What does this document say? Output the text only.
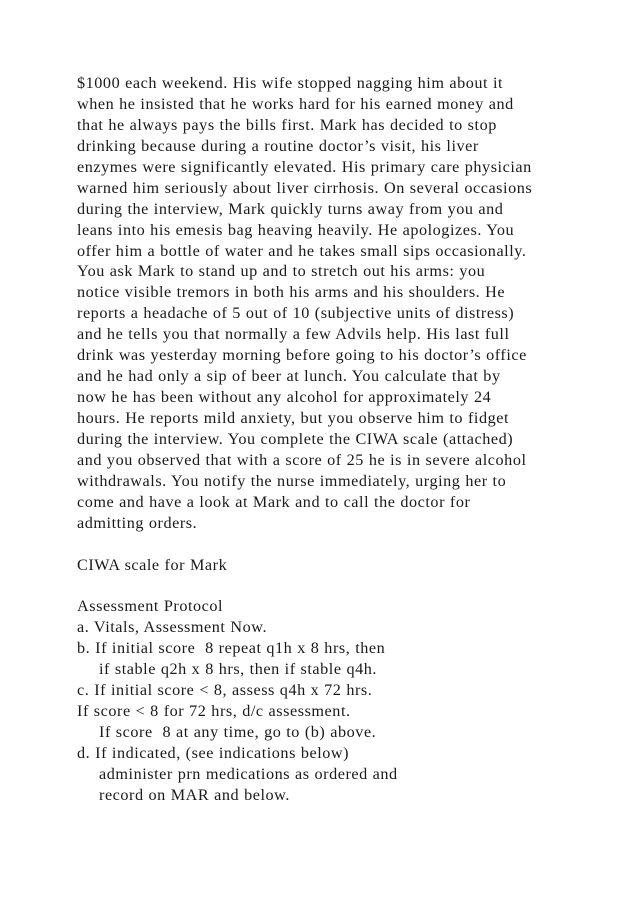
$1000 each weekend. His wife stopped nagging him about it
when he insisted that he works hard for his earned money and
that he always pays the bills first. Mark has decided to stop
drinking because during a routine doctor’s visit, his liver
enzymes were significantly elevated. His primary care physician
warned him seriously about liver cirrhosis. On several occasions
during the interview, Mark quickly turns away from you and
leans into his emesis bag heaving heavily. He apologizes. You
offer him a bottle of water and he takes small sips occasionally.
You ask Mark to stand up and to stretch out his arms: you
notice visible tremors in both his arms and his shoulders. He
reports a headache of 5 out of 10 (subjective units of distress)
and he tells you that normally a few Advils help. His last full
drink was yesterday morning before going to his doctor’s office
and he had only a sip of beer at lunch. You calculate that by
now he has been without any alcohol for approximately 24
hours. He reports mild anxiety, but you observe him to fidget
during the interview. You complete the CIWA scale (attached)
and you observed that with a score of 25 he is in severe alcohol
withdrawals. You notify the nurse immediately, urging her to
come and have a look at Mark and to call the doctor for
admitting orders.
CIWA scale for Mark
Assessment Protocol
a. Vitals, Assessment Now.
b. If initial score  8 repeat q1h x 8 hrs, then
if stable q2h x 8 hrs, then if stable q4h.
c. If initial score < 8, assess q4h x 72 hrs.
If score < 8 for 72 hrs, d/c assessment.
If score  8 at any time, go to (b) above.
d. If indicated, (see indications below)
administer prn medications as ordered and
record on MAR and below.
